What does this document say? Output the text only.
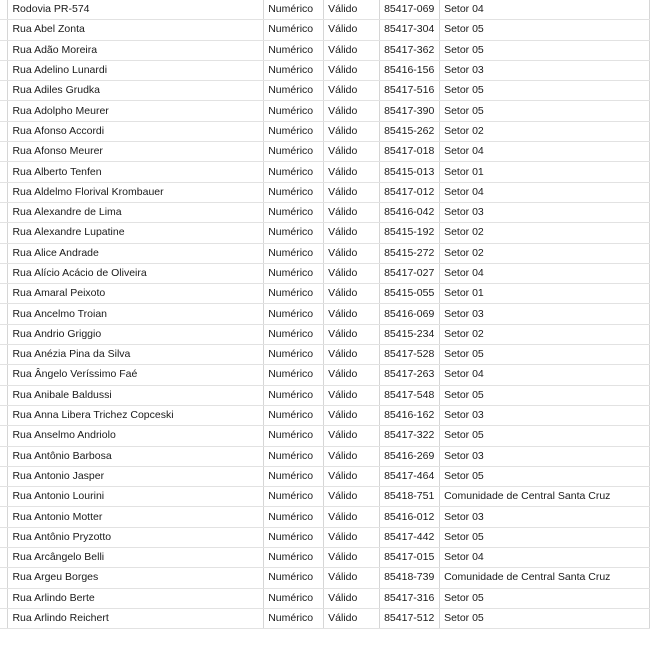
	Rodovia PR-574	Numérico	Válido	85417-069	Setor 04
	Rua Abel Zonta	Numérico	Válido	85417-304	Setor 05
	Rua Adão Moreira	Numérico	Válido	85417-362	Setor 05
	Rua Adelino Lunardi	Numérico	Válido	85416-156	Setor 03
	Rua Adiles Grudka	Numérico	Válido	85417-516	Setor 05
	Rua Adolpho Meurer	Numérico	Válido	85417-390	Setor 05
	Rua Afonso Accordi	Numérico	Válido	85415-262	Setor 02
	Rua Afonso Meurer	Numérico	Válido	85417-018	Setor 04
	Rua Alberto Tenfen	Numérico	Válido	85415-013	Setor 01
	Rua Aldelmo Florival Krombauer	Numérico	Válido	85417-012	Setor 04
	Rua Alexandre de Lima	Numérico	Válido	85416-042	Setor 03
	Rua Alexandre Lupatine	Numérico	Válido	85415-192	Setor 02
	Rua Alice Andrade	Numérico	Válido	85415-272	Setor 02
	Rua Alício Acácio de Oliveira	Numérico	Válido	85417-027	Setor 04
	Rua Amaral Peixoto	Numérico	Válido	85415-055	Setor 01
	Rua Ancelmo Troian	Numérico	Válido	85416-069	Setor 03
	Rua Andrio Griggio	Numérico	Válido	85415-234	Setor 02
	Rua Anézia Pina da Silva	Numérico	Válido	85417-528	Setor 05
	Rua Ângelo Veríssimo Faé	Numérico	Válido	85417-263	Setor 04
	Rua Anibale Baldussi	Numérico	Válido	85417-548	Setor 05
	Rua Anna Libera Trichez Copceski	Numérico	Válido	85416-162	Setor 03
	Rua Anselmo Andriolo	Numérico	Válido	85417-322	Setor 05
	Rua Antônio Barbosa	Numérico	Válido	85416-269	Setor 03
	Rua Antonio Jasper	Numérico	Válido	85417-464	Setor 05
	Rua Antonio Lourini	Numérico	Válido	85418-751	Comunidade de Central Santa Cruz
	Rua Antonio Motter	Numérico	Válido	85416-012	Setor 03
	Rua Antônio Pryzotto	Numérico	Válido	85417-442	Setor 05
	Rua Arcângelo Belli	Numérico	Válido	85417-015	Setor 04
	Rua Argeu Borges	Numérico	Válido	85418-739	Comunidade de Central Santa Cruz
	Rua Arlindo Berte	Numérico	Válido	85417-316	Setor 05
	Rua Arlindo Reichert	Numérico	Válido	85417-512	Setor 05
